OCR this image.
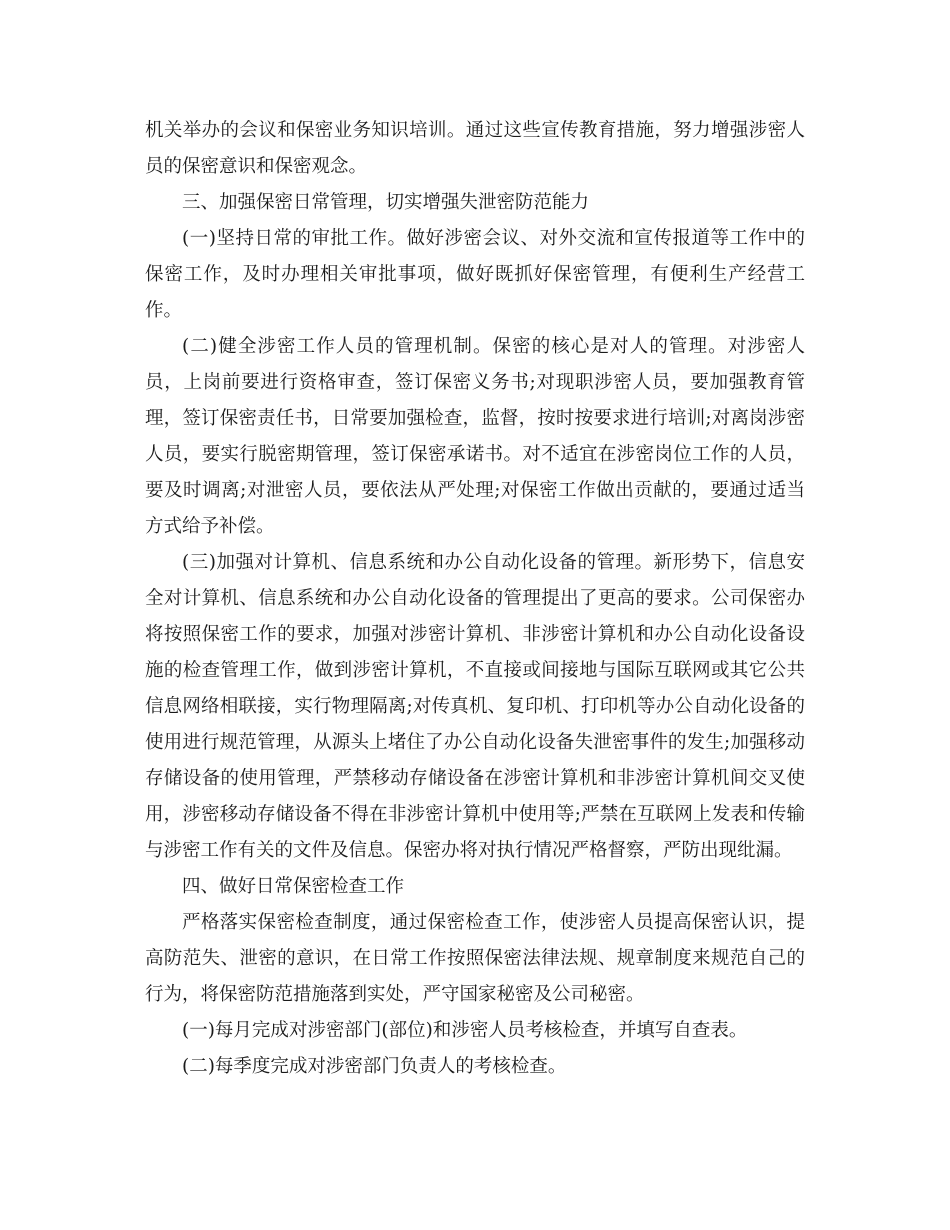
机关举办的会议和保密业务知识培训。通过这些宣传教育措施，努力增强涉密人
员的保密意识和保密观念。
三、加强保密日常管理，切实增强失泄密防范能力
(一)坚持日常的审批工作。做好涉密会议、对外交流和宣传报道等工作中的
保密工作，及时办理相关审批事项，做好既抓好保密管理，有便利生产经营工
作。
(二)健全涉密工作人员的管理机制。保密的核心是对人的管理。对涉密人
员，上岗前要进行资格审查，签订保密义务书;对现职涉密人员，要加强教育管
理，签订保密责任书，日常要加强检查，监督，按时按要求进行培训;对离岗涉密
人员，要实行脱密期管理，签订保密承诺书。对不适宜在涉密岗位工作的人员，
要及时调离;对泄密人员，要依法从严处理;对保密工作做出贡献的，要通过适当
方式给予补偿。
(三)加强对计算机、信息系统和办公自动化设备的管理。新形势下，信息安
全对计算机、信息系统和办公自动化设备的管理提出了更高的要求。公司保密办
将按照保密工作的要求，加强对涉密计算机、非涉密计算机和办公自动化设备设
施的检查管理工作，做到涉密计算机，不直接或间接地与国际互联网或其它公共
信息网络相联接，实行物理隔离;对传真机、复印机、打印机等办公自动化设备的
使用进行规范管理，从源头上堵住了办公自动化设备失泄密事件的发生;加强移动
存储设备的使用管理，严禁移动存储设备在涉密计算机和非涉密计算机间交叉使
用，涉密移动存储设备不得在非涉密计算机中使用等;严禁在互联网上发表和传输
与涉密工作有关的文件及信息。保密办将对执行情况严格督察，严防出现纰漏。
四、做好日常保密检查工作
严格落实保密检查制度，通过保密检查工作，使涉密人员提高保密认识，提
高防范失、泄密的意识，在日常工作按照保密法律法规、规章制度来规范自己的
行为，将保密防范措施落到实处，严守国家秘密及公司秘密。
(一)每月完成对涉密部门(部位)和涉密人员考核检查，并填写自查表。
(二)每季度完成对涉密部门负责人的考核检查。
